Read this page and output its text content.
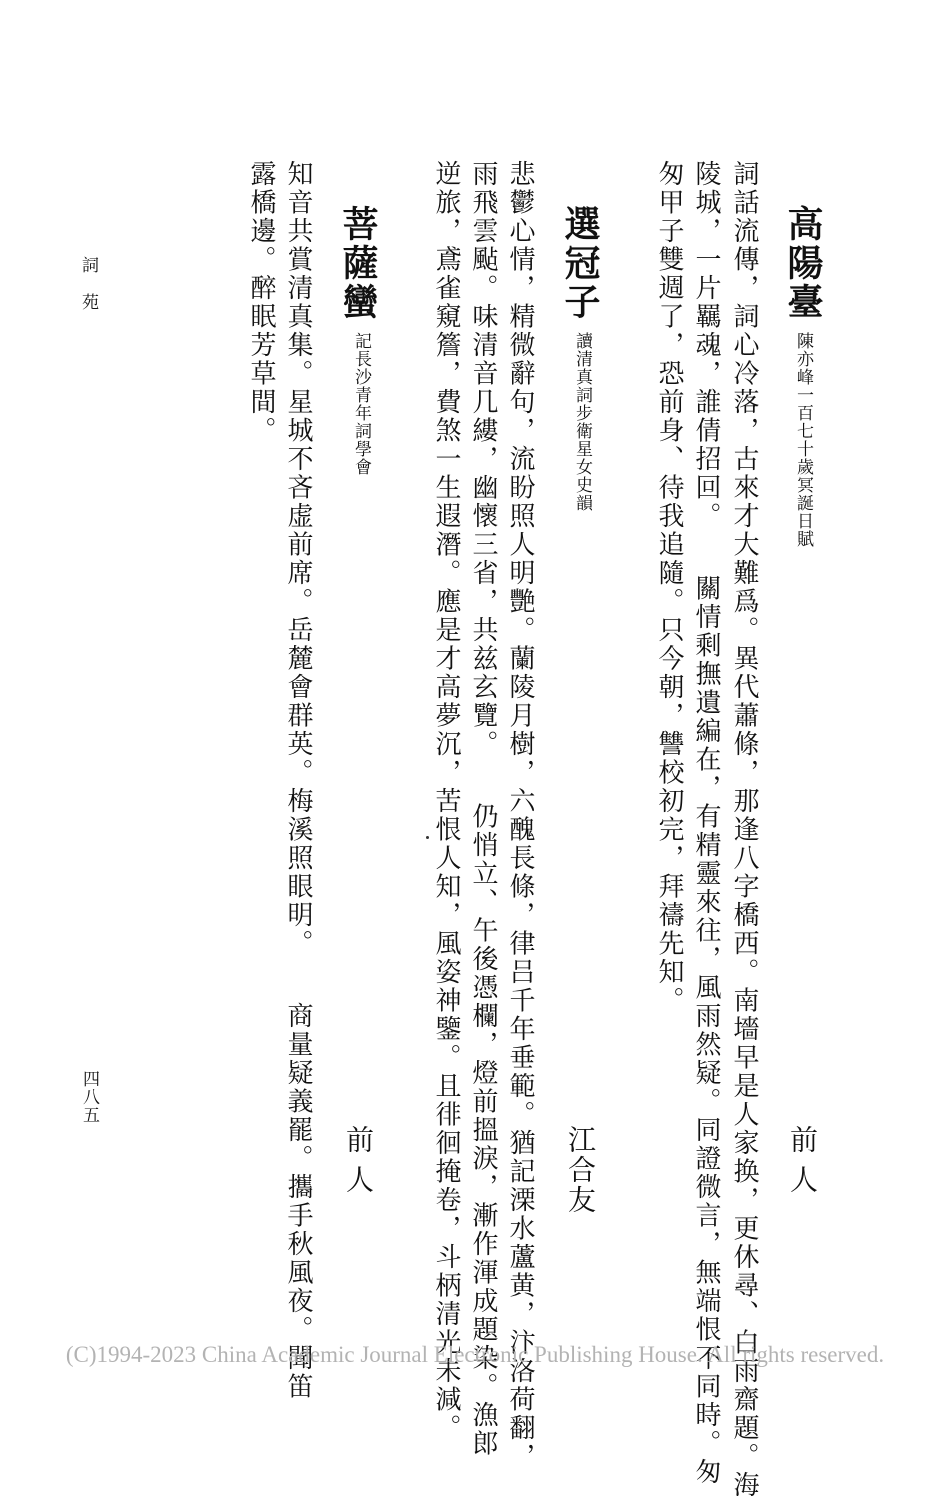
高陽臺
陳亦峰一百七十歲冥誕日賦
前人
詞話流傳，詞心冷落，古來才大難爲。異代蕭條，那逢八字橋西。南墻早是人家换，更休尋、白雨齋題。海
陵城，一片羈魂，誰倩招回。　　關情剩撫遺編在，有精靈來往，風雨然疑。同證微言，無端恨不同時。匆
匆甲子雙週了，恐前身、待我追隨。只今朝，讐校初完，拜禱先知。
選冠子
讀清真詞步衛星女史韻
江合友
悲鬱心情，精微辭句，流盼照人明艷。蘭陵月樹，六醜長條，律吕千年垂範。猶記溧水蘆黄，汴洛荷翻，
雨飛雲颭。味清音几縷，幽懷三省，共兹玄覽。　　仍悄立、午後憑欄，燈前搵淚，漸作渾成題染。漁郎
逆旅，鳶雀窺簷，費煞一生遐潛。應是才高夢沉，苦恨人知，風姿神鑒。且徘徊掩卷，斗柄清光未減。
菩薩蠻
記長沙青年詞學會
前人
知音共賞清真集。星城不吝虚前席。岳麓會群英。梅溪照眼明。　　商量疑義罷。攜手秋風夜。聞笛
露橋邊。醉眠芳草間。
詞苑
四八五
(C)1994-2023 China Academic Journal Electronic Publishing House. All rights reserved.
